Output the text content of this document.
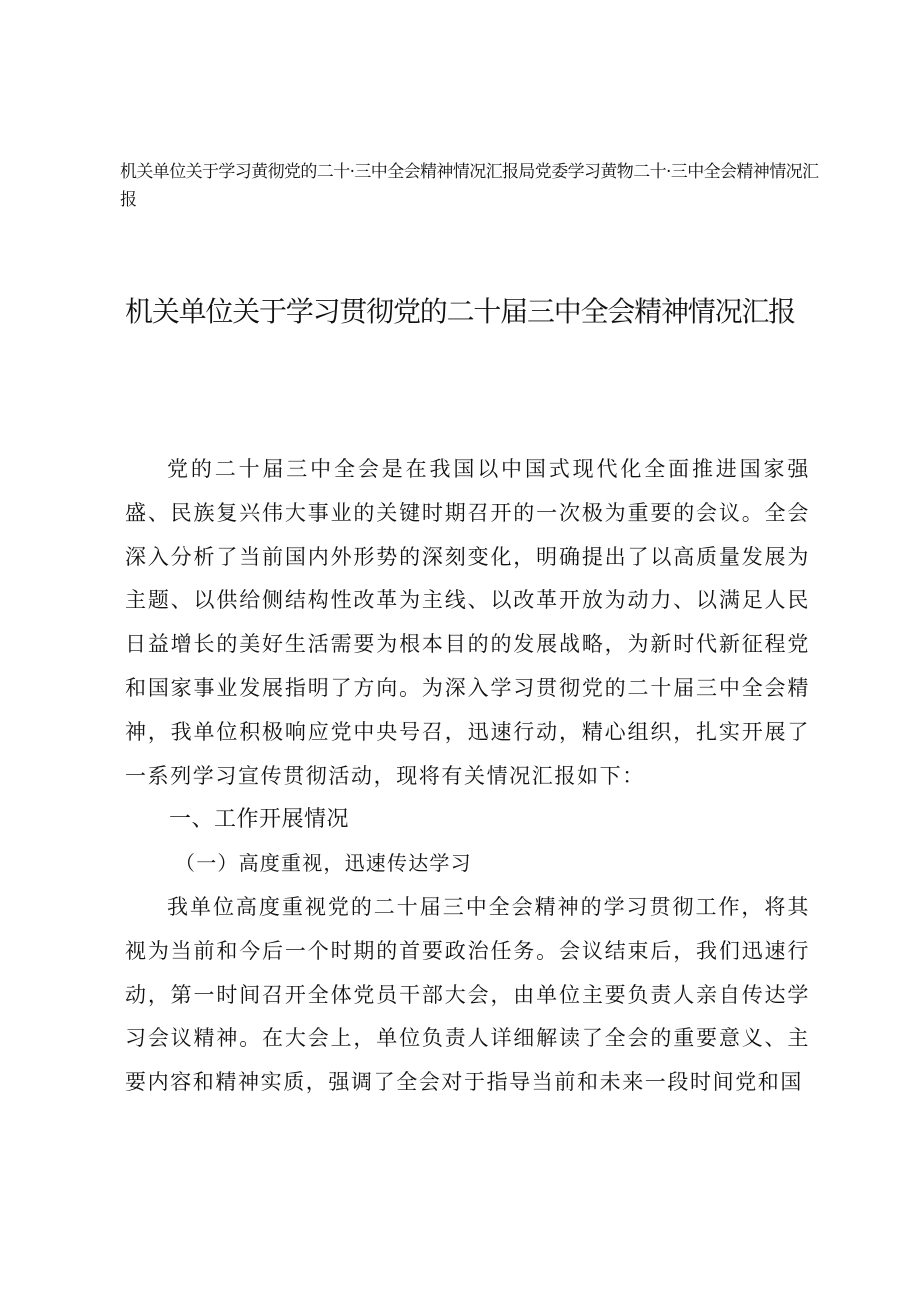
机关单位关于学习黄彻党的二十·三中全会精神情况汇报局党委学习黄物二十·三中全会精神情况汇报
机关单位关于学习贯彻党的二十届三中全会精神情况汇报

党的二十届三中全会是在我国以中国式现代化全面推进国家强盛、民族复兴伟大事业的关键时期召开的一次极为重要的会议。全会深入分析了当前国内外形势的深刻变化，明确提出了以高质量发展为主题、以供给侧结构性改革为主线、以改革开放为动力、以满足人民日益增长的美好生活需要为根本目的的发展战略，为新时代新征程党和国家事业发展指明了方向。为深入学习贯彻党的二十届三中全会精神，我单位积极响应党中央号召，迅速行动，精心组织，扎实开展了一系列学习宣传贯彻活动，现将有关情况汇报如下：

一、工作开展情况

（一）高度重视，迅速传达学习

我单位高度重视党的二十届三中全会精神的学习贯彻工作，将其视为当前和今后一个时期的首要政治任务。会议结束后，我们迅速行动，第一时间召开全体党员干部大会，由单位主要负责人亲自传达学习会议精神。在大会上，单位负责人详细解读了全会的重要意义、主要内容和精神实质，强调了全会对于指导当前和未来一段时间党和国
